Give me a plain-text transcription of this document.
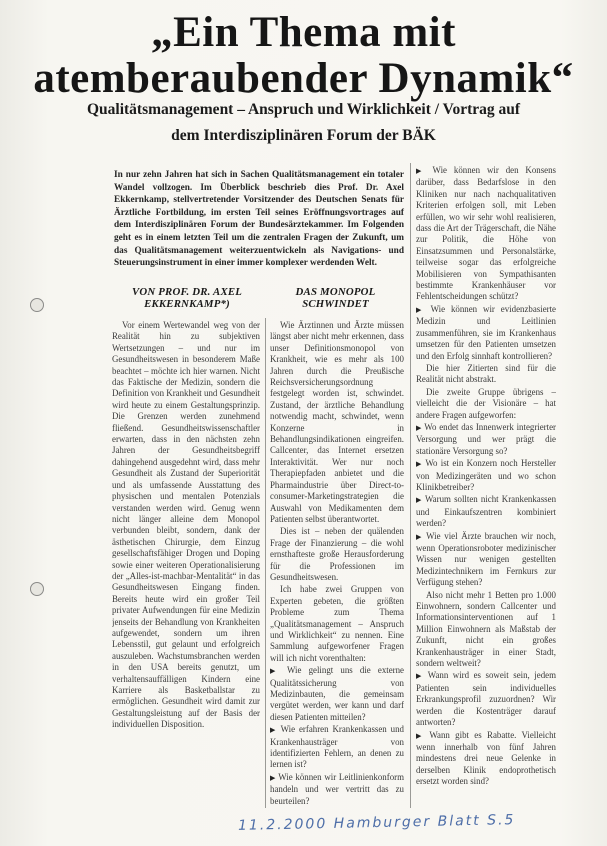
„Ein Thema mit
atemberaubender Dynamik“
Qualitätsmanagement – Anspruch und Wirklichkeit / Vortrag auf
dem Interdisziplinären Forum der BÄK
In nur zehn Jahren hat sich in Sachen Qualitätsmanagement ein totaler Wandel vollzogen. Im Überblick beschrieb dies Prof. Dr. Axel Ekkernkamp, stellvertretender Vorsitzender des Deutschen Senats für Ärztliche Fortbildung, im ersten Teil seines Eröffnungsvortrages auf dem Interdisziplinären Forum der Bundesärztekammer. Im Folgenden geht es in einem letzten Teil um die zentralen Fragen der Zukunft, um das Qualitätsmanagement weiterzuentwickeln als Navigations- und Steuerungsinstrument in einer immer komplexer werdenden Welt.
VON PROF. DR. AXEL EKKERNKAMP*)
DAS MONOPOL SCHWINDET

Vor einem Wertewandel weg von der Realität hin zu subjektiven Wertsetzungen – und nur im Gesundheitswesen in besonderem Maße beachtet – möchte ich hier warnen. Nicht das Faktische der Medizin, sondern die Definition von Krankheit und Gesundheit wird heute zu einem Gestaltungsprinzip. Die Grenzen werden zunehmend fließend. Gesundheitswissenschaftler erwarten, dass in den nächsten zehn Jahren der Gesundheitsbegriff dahingehend ausgedehnt wird, dass mehr Gesundheit als Zustand der Superiorität und als umfassende Ausstattung des physischen und mentalen Potenzials verstanden werden wird. Genug wenn nicht länger alleine dem Monopol verbunden bleibt, sondern, dank der ästhetischen Chirurgie, dem Einzug gesellschaftsfähiger Drogen und Doping sowie einer weiteren Operationalisierung der „Alles-ist-machbar-Mentalität“ in das Gesundheitswesen Eingang finden. Bereits heute wird ein großer Teil privater Aufwendungen für eine Medizin jenseits der Behandlung von Krankheiten aufgewendet, sondern um ihren Lebensstil, gut gelaunt und erfolgreich auszuleben. Wachstumsbranchen werden in den USA bereits genutzt, um verhaltensauffälligen Kindern eine Karriere als Basketballstar zu ermöglichen. Gesundheit wird damit zur Gestaltungsleistung auf der Basis der individuellen Disposition.

Wie Ärztinnen und Ärzte müssen längst aber nicht mehr erkennen, dass unser Definitionsmonopol von Krankheit, wie es mehr als 100 Jahren durch die Preußische Reichsversicherungsordnung festgelegt worden ist, schwindet. Zustand, der ärztliche Behandlung notwendig macht, schwindet, wenn Konzerne in Behandlungsindikationen eingreifen. Callcenter, das Internet ersetzen Interaktivität. Wer nur noch Therapiepfaden anbietet und die Pharmaindustrie über Direct-to-consumer-Marketingstrategien die Auswahl von Medikamenten dem Patienten selbst überantwortet.

Dies ist – neben der quälenden Frage der Finanzierung – die wohl ernsthafteste große Herausforderung für die Professionen im Gesundheitswesen.

Ich habe zwei Gruppen von Experten gebeten, die größten Probleme zum Thema „Qualitätsmanagement – Anspruch und Wirklichkeit“ zu nennen. Eine Sammlung aufgeworfener Fragen will ich nicht vorenthalten:

▶ Wie gelingt uns die externe Qualitätssicherung von Medizinbauten, die gemeinsam vergütet werden, wer kann und darf diesen Patienten mitteilen?

▶ Wie erfahren Krankenkassen und Krankenhausträger von identifizierten Fehlern, an denen zu lernen ist?

▶ Wie können wir Leitlinienkonform handeln und wer vertritt das zu beurteilen?

▶ Wie können wir den Konsens darüber, dass Bedarfslose in den Kliniken nur nach nachqualitativen Kriterien erfolgen soll, mit Leben erfüllen, wo wir sehr wohl realisieren, dass die Art der Trägerschaft, die Nähe zur Politik, die Höhe von Einsatzsummen und Personalstärke, teilweise sogar das erfolgreiche Mobilisieren von Sympathisanten bestimmte Krankenhäuser vor Fehlentscheidungen schützt?

▶ Wie können wir evidenzbasierte Medizin und Leitlinien zusammenführen, sie im Krankenhaus umsetzen für den Patienten umsetzen und den Erfolg sinnhaft kontrollieren?

Die hier Zitierten sind für die Realität nicht abstrakt.

Die zweite Gruppe übrigens – vielleicht die der Visionäre – hat andere Fragen aufgeworfen:

▶ Wo endet das Innenwerk integrierter Versorgung und wer prägt die stationäre Versorgung so?

▶ Wo ist ein Konzern noch Hersteller von Medizingeräten und wo schon Klinikbetreiber?

▶ Warum sollten nicht Krankenkassen und Einkaufszentren kombiniert werden?

▶ Wie viel Ärzte brauchen wir noch, wenn Operationsroboter medizinischer Wissen nur wenigen gestellten Medizintechnikern im Fernkurs zur Verfügung stehen?

Also nicht mehr 1 Betten pro 1.000 Einwohnern, sondern Callcenter und Informationsinterventionen auf 1 Million Einwohnern als Maßstab der Zukunft, nicht ein großes Krankenhausträger in einer Stadt, sondern weltweit?

▶ Wann wird es soweit sein, jedem Patienten sein individuelles Erkrankungsprofil zuzuordnen? Wir werden die Kostenträger darauf antworten?

▶ Wann gibt es Rabatte. Vielleicht wenn innerhalb von fünf Jahren mindestens drei neue Gelenke in derselben Klinik endoprothetisch ersetzt worden sind?

11.2.2000 Hamburger Blatt S.5
